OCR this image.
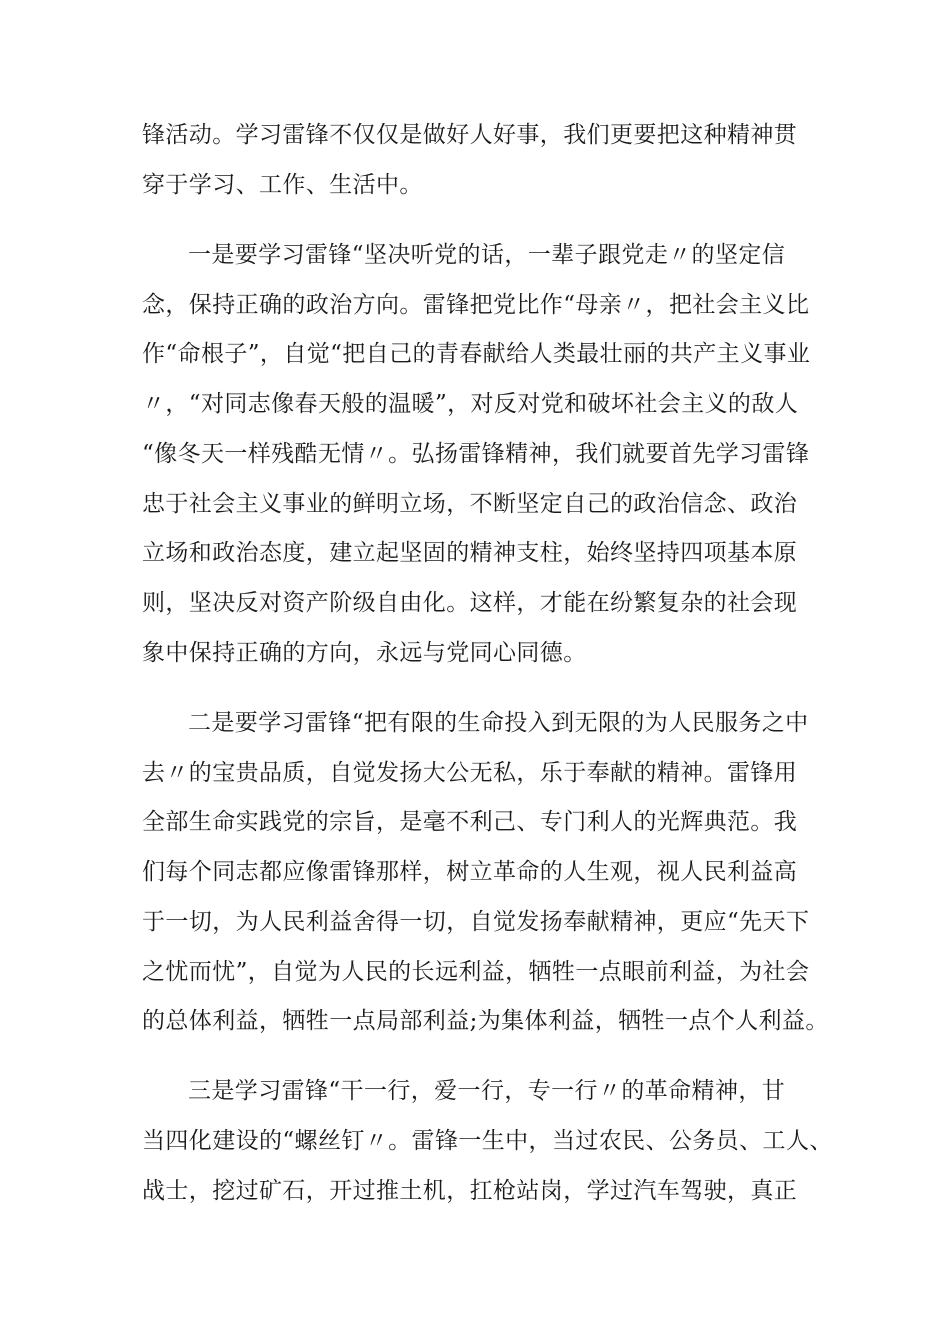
锋活动。学习雷锋不仅仅是做好人好事，我们更要把这种精神贯
穿于学习、工作、生活中。
一是要学习雷锋“坚决听党的话，一辈子跟党走〃的坚定信
念，保持正确的政治方向。雷锋把党比作“母亲〃，把社会主义比
作“命根子”，自觉“把自己的青春献给人类最壮丽的共产主义事业
〃，“对同志像春天般的温暖”，对反对党和破坏社会主义的敌人
“像冬天一样残酷无情〃。弘扬雷锋精神，我们就要首先学习雷锋
忠于社会主义事业的鲜明立场，不断坚定自己的政治信念、政治
立场和政治态度，建立起坚固的精神支柱，始终坚持四项基本原
则，坚决反对资产阶级自由化。这样，才能在纷繁复杂的社会现
象中保持正确的方向，永远与党同心同德。
二是要学习雷锋“把有限的生命投入到无限的为人民服务之中
去〃的宝贵品质，自觉发扬大公无私，乐于奉献的精神。雷锋用
全部生命实践党的宗旨，是毫不利己、专门利人的光辉典范。我
们每个同志都应像雷锋那样，树立革命的人生观，视人民利益高
于一切，为人民利益舍得一切，自觉发扬奉献精神，更应“先天下
之忧而忧”，自觉为人民的长远利益，牺牲一点眼前利益，为社会
的总体利益，牺牲一点局部利益;为集体利益，牺牲一点个人利益。
三是学习雷锋“干一行，爱一行，专一行〃的革命精神，甘
当四化建设的“螺丝钉〃。雷锋一生中，当过农民、公务员、工人、
战士，挖过矿石，开过推土机，扛枪站岗，学过汽车驾驶，真正
